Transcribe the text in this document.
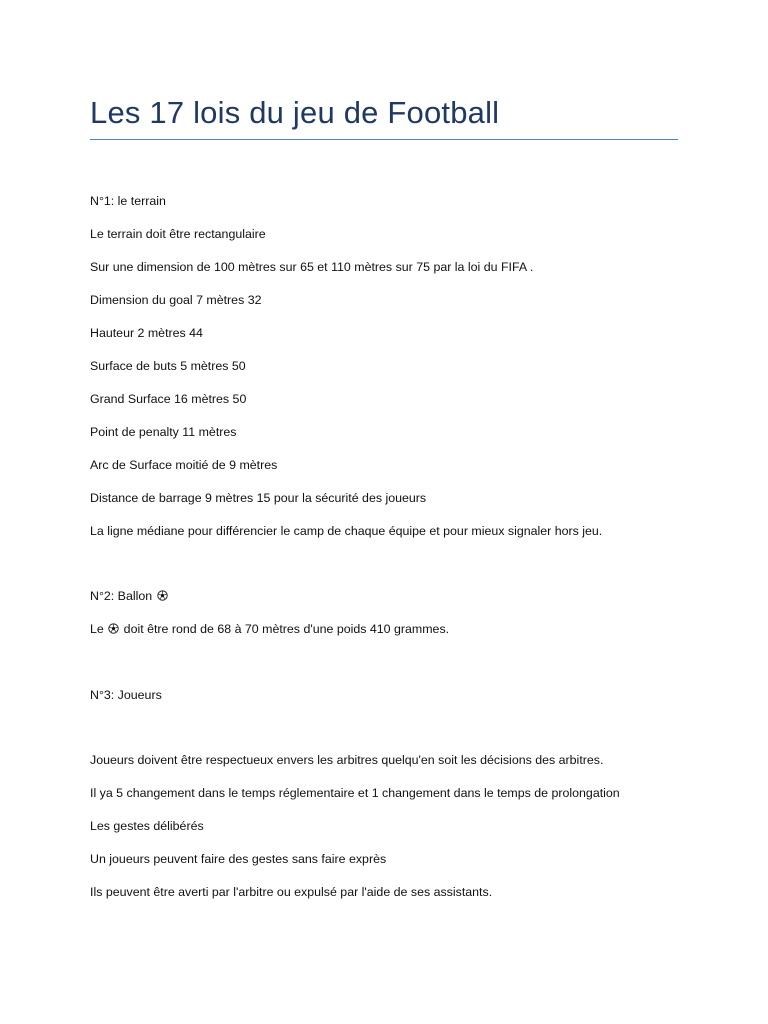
Les 17 lois du jeu de Football
N°1: le terrain
Le terrain doit être rectangulaire
Sur une dimension de 100 mètres sur 65 et 110 mètres sur 75 par la loi du FIFA .
Dimension du goal 7 mètres 32
Hauteur 2 mètres 44
Surface de buts 5 mètres 50
Grand Surface 16 mètres 50
Point de penalty 11 mètres
Arc de Surface moitié de 9 mètres
Distance de barrage 9 mètres 15 pour la sécurité des joueurs
La ligne médiane pour différencier le camp de chaque équipe et pour mieux signaler hors jeu.
N°2: Ballon
Le  doit être rond de 68 à 70 mètres d'une poids 410 grammes.
N°3: Joueurs
Joueurs doivent être respectueux envers les arbitres quelqu'en soit les décisions des arbitres.
Il ya 5 changement dans le temps réglementaire et 1 changement dans le temps de prolongation
Les gestes délibérés
Un joueurs peuvent faire des gestes sans faire exprès
Ils peuvent être averti par l'arbitre ou expulsé par l'aide de ses assistants.
